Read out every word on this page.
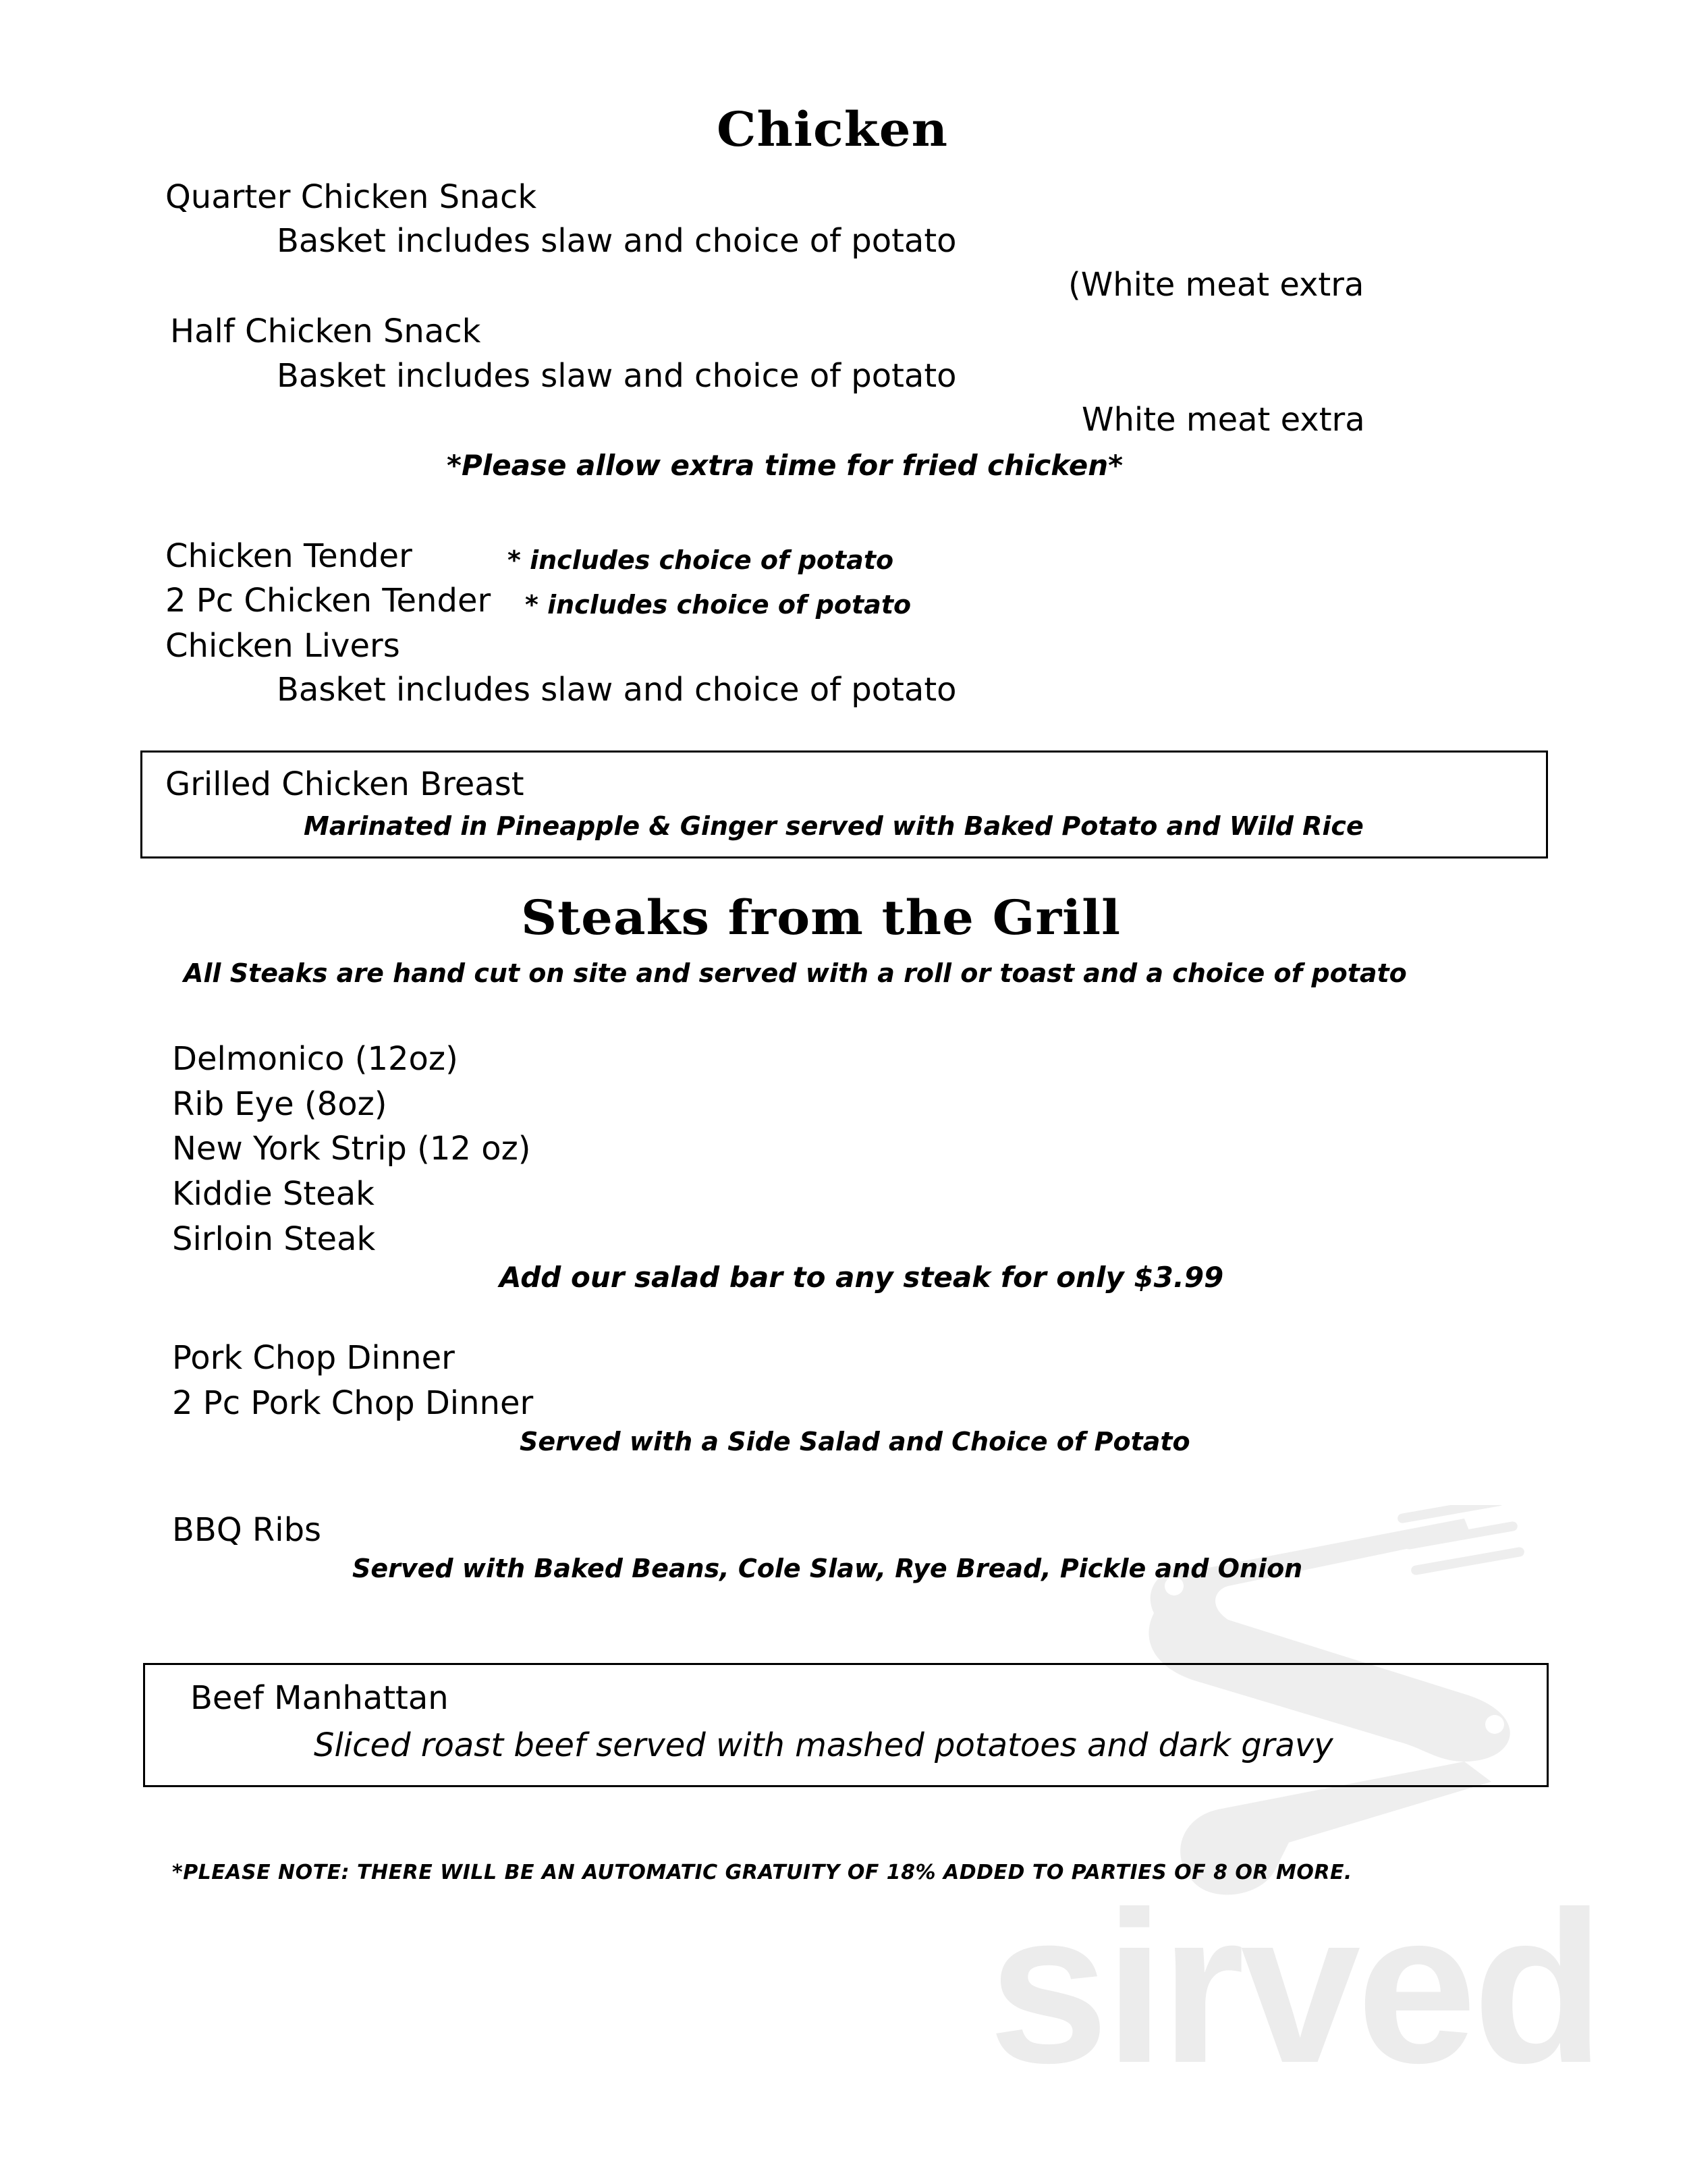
sirved
Chicken
Quarter Chicken Snack
Basket includes slaw and choice of potato
(White meat extra
Half Chicken Snack
Basket includes slaw and choice of potato
White meat extra
*Please allow extra time for fried chicken*
Chicken Tender	* includes choice of potato
2 Pc Chicken Tender * includes choice of potato
Chicken Livers
Basket includes slaw and choice of potato
Grilled Chicken Breast
Marinated in Pineapple & Ginger served with Baked Potato and Wild Rice
Steaks from the Grill
All Steaks are hand cut on site and served with a roll or toast and a choice of potato
Delmonico (12oz)
Rib Eye (8oz)
New York Strip (12 oz)
Kiddie Steak
Sirloin Steak
Add our salad bar to any steak for only $3.99
Pork Chop Dinner
2 Pc Pork Chop Dinner
Served with a Side Salad and Choice of Potato
BBQ Ribs
Served with Baked Beans, Cole Slaw, Rye Bread, Pickle and Onion
Beef Manhattan
Sliced roast beef served with mashed potatoes and dark gravy
*PLEASE NOTE: THERE WILL BE AN AUTOMATIC GRATUITY OF 18% ADDED TO PARTIES OF 8 OR MORE.
